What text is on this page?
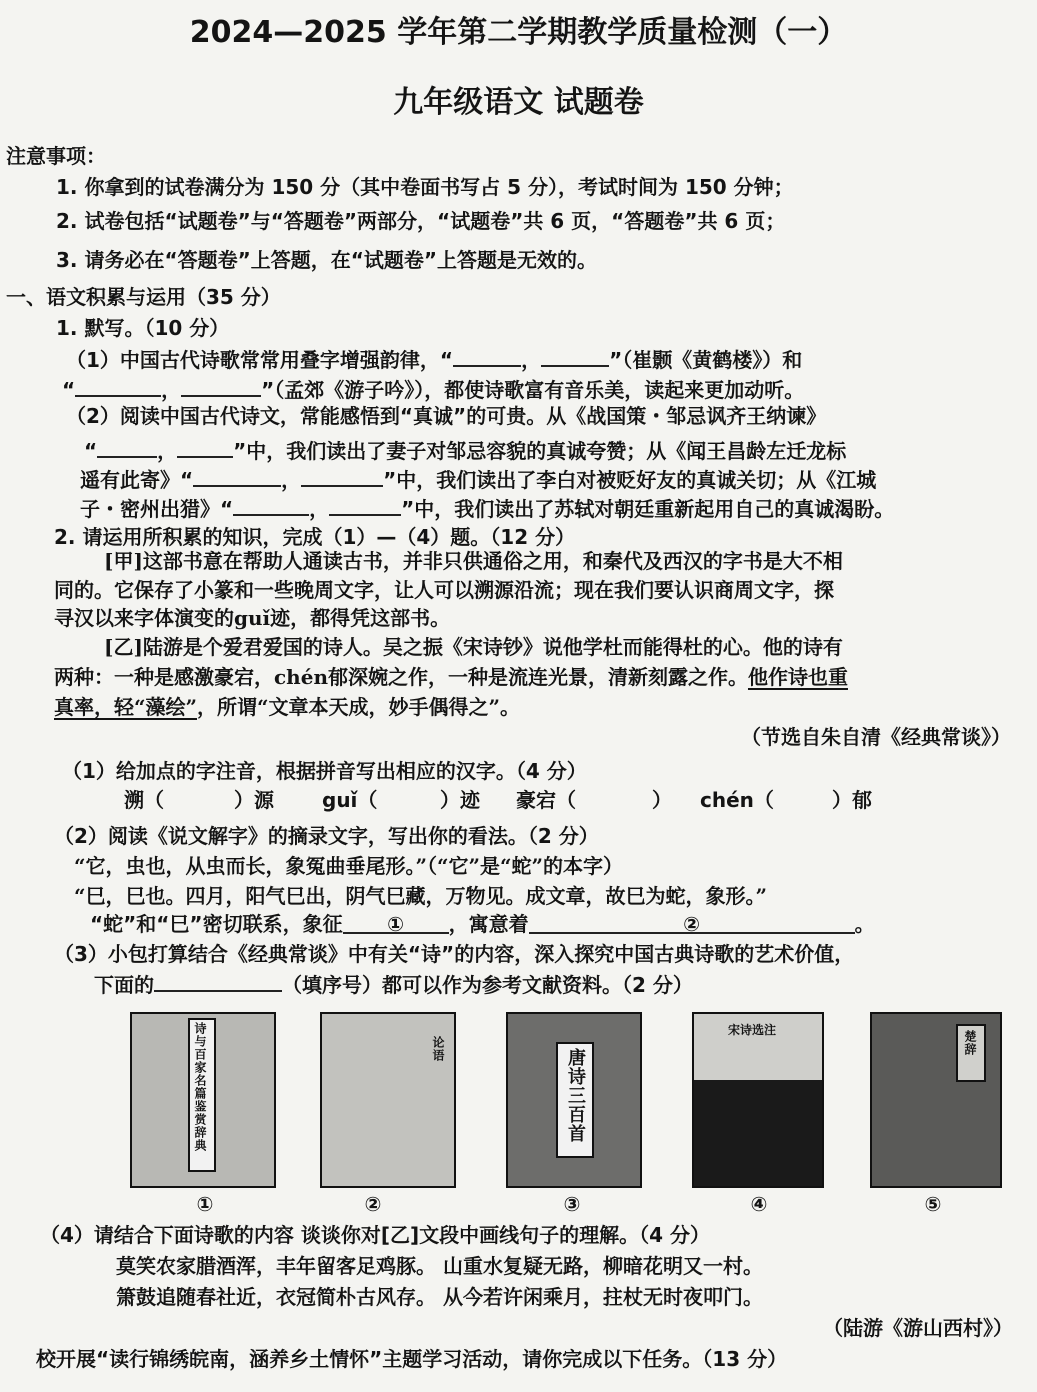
2024—2025 学年第二学期教学质量检测（一）
九年级语文 试题卷
注意事项：
1. 你拿到的试卷满分为 150 分（其中卷面书写占 5 分），考试时间为 150 分钟；
2. 试卷包括“试题卷”与“答题卷”两部分，“试题卷”共 6 页，“答题卷”共 6 页；
3. 请务必在“答题卷”上答题，在“试题卷”上答题是无效的。
一、语文积累与运用（35 分）
1. 默写。（10 分）
（1）中国古代诗歌常常用叠字增强韵律，“	，	”（崔颢《黄鹤楼》）和
“	，	”（孟郊《游子吟》），都使诗歌富有音乐美，读起来更加动听。
（2）阅读中国古代诗文，常能感悟到“真诚”的可贵。从《战国策・邹忌讽齐王纳谏》
“	，	”中，我们读出了妻子对邹忌容貌的真诚夸赞；从《闻王昌龄左迁龙标
遥有此寄》“	，	”中，我们读出了李白对被贬好友的真诚关切；从《江城
子・密州出猎》“	，	”中，我们读出了苏轼对朝廷重新起用自己的真诚渴盼。
2. 请运用所积累的知识，完成（1）—（4）题。（12 分）
[甲]这部书意在帮助人通读古书，并非只供通俗之用，和秦代及西汉的字书是大不相
同的。它保存了小篆和一些晚周文字，让人可以溯源沿流；现在我们要认识商周文字，探
寻汉以来字体演变的guǐ迹，都得凭这部书。
[乙]陆游是个爱君爱国的诗人。吴之振《宋诗钞》说他学杜而能得杜的心。他的诗有
两种：一种是感激豪宕，chén郁深婉之作，一种是流连光景，清新刻露之作。他作诗也重
真率，轻“藻绘”，所谓“文章本天成，妙手偶得之”。
（节选自朱自清《经典常谈》）
（1）给加点的字注音，根据拼音写出相应的汉字。（4 分）
溯（	）源 guǐ（	）迹 豪宕（	） chén（	）郁
（2）阅读《说文解字》的摘录文字，写出你的看法。（2 分）
“它，虫也，从虫而长，象冤曲垂尾形。”（“它”是“蛇”的本字）
“巳，巳也。四月，阳气巳出，阴气巳藏，万物见。成文章，故巳为蛇，象形。”
“蛇”和“巳”密切联系，象征 ① ，寓意着	②	。
（3）小包打算结合《经典常谈》中有关“诗”的内容，深入探究中国古典诗歌的艺术价值，
下面的	（填序号）都可以作为参考文献资料。（2 分）
诗与百家名篇鉴赏辞典	论语	唐诗三百首
宋诗选注	楚辞
①	②	③	④	⑤
（4）请结合下面诗歌的内容 谈谈你对[乙]文段中画线句子的理解。（4 分）
莫笑农家腊酒浑，丰年留客足鸡豚。 山重水复疑无路，柳暗花明又一村。
箫鼓追随春社近，衣冠简朴古风存。 从今若许闲乘月，拄杖无时夜叩门。
（陆游《游山西村》）
校开展“读行锦绣皖南，涵养乡土情怀”主题学习活动，请你完成以下任务。（13 分）
